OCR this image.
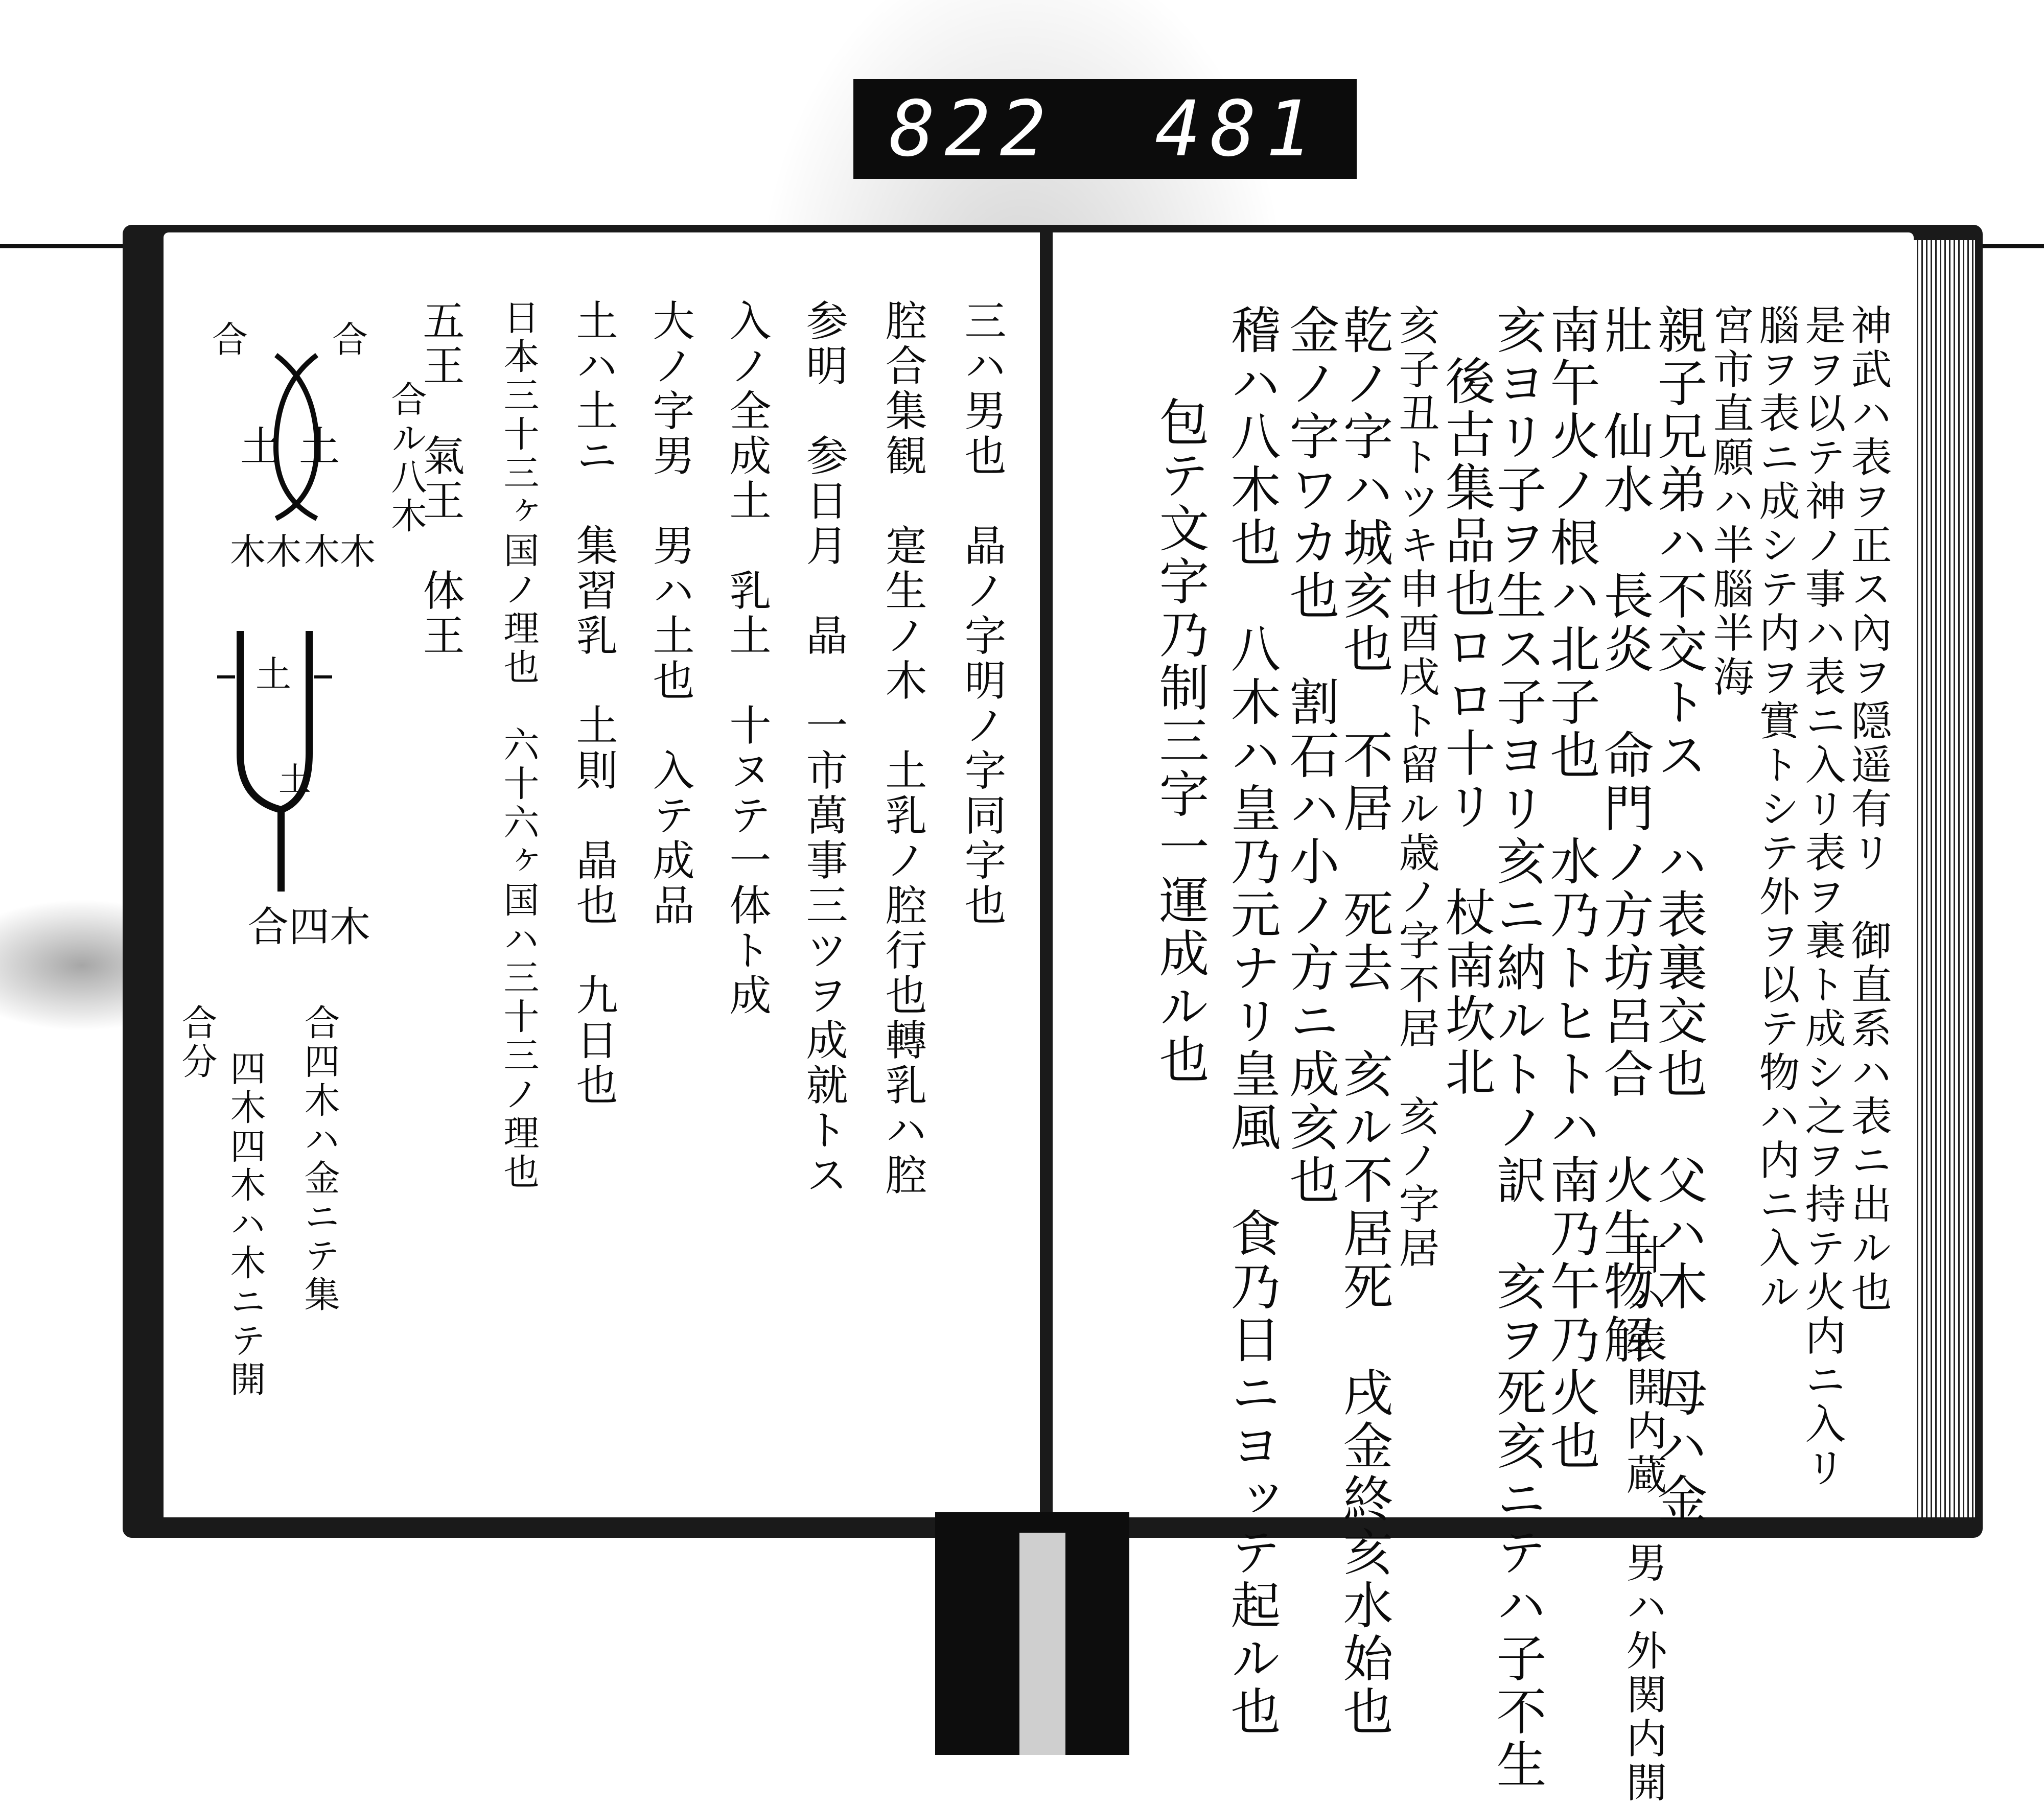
822 481
三ハ男也　晶ノ字明ノ字同字也
腔合集観　寔生ノ木　土乳ノ腔行也轉乳ハ腔
参明　参日月　晶　一市萬事三ツヲ成就トス
入ノ全成土　乳土　十ヌテ一体ト成
大ノ字男　男ハ土也　入テ成品
土ハ土ニ　集習乳　土則　晶也　九日也
日本三十三ヶ国ノ理也　六十六ヶ国ハ三十三ノ理也
五王　氣王　体王
合 合
合ル八木
土 土
木木 木木
土
土
合四木
合四木ハ金ニテ集
四木四木ハ木ニテ開
合分	神武ハ表ヲ正ス內ヲ隠遥有リ　御直系ハ表ニ出ル也
是ヲ以テ神ノ事ハ表ニ入リ表ヲ裏ト成シ之ヲ持テ火内ニ入リ
腦ヲ表ニ成シテ内ヲ實トシテ外ヲ以テ物ハ内ニ入ル
宮市直願ハ半腦半海
親子兄弟ハ不交トス　ハ表裏交也　父ハ木　母ハ金
壯　仙水　長炎　命門ノ方坊呂合　火生物解
南午火ノ根ハ北子也　水乃トヒトハ南乃午乃火也
亥ヨリ子ヲ生ス子ヨリ亥ニ納ルトノ訳　亥ヲ死亥ニテハ子不生 廿ハ表開内蔵　男ハ外関内開
後古集品也ロロ十リ　杖南坎北
亥子丑トツキ申酉戌ト留ル歳ノ字不居　亥ノ字居
乾ノ字ハ城亥也　不居　死去　亥ル不居死　戌金終亥水始也
金ノ字ワカ也　割石ハ小ノ方ニ成亥也
稽ハ八木也　八木ハ皇乃元ナリ皇風　食乃日ニヨッテ起ル也
包テ文字乃制三字一運成ル也
